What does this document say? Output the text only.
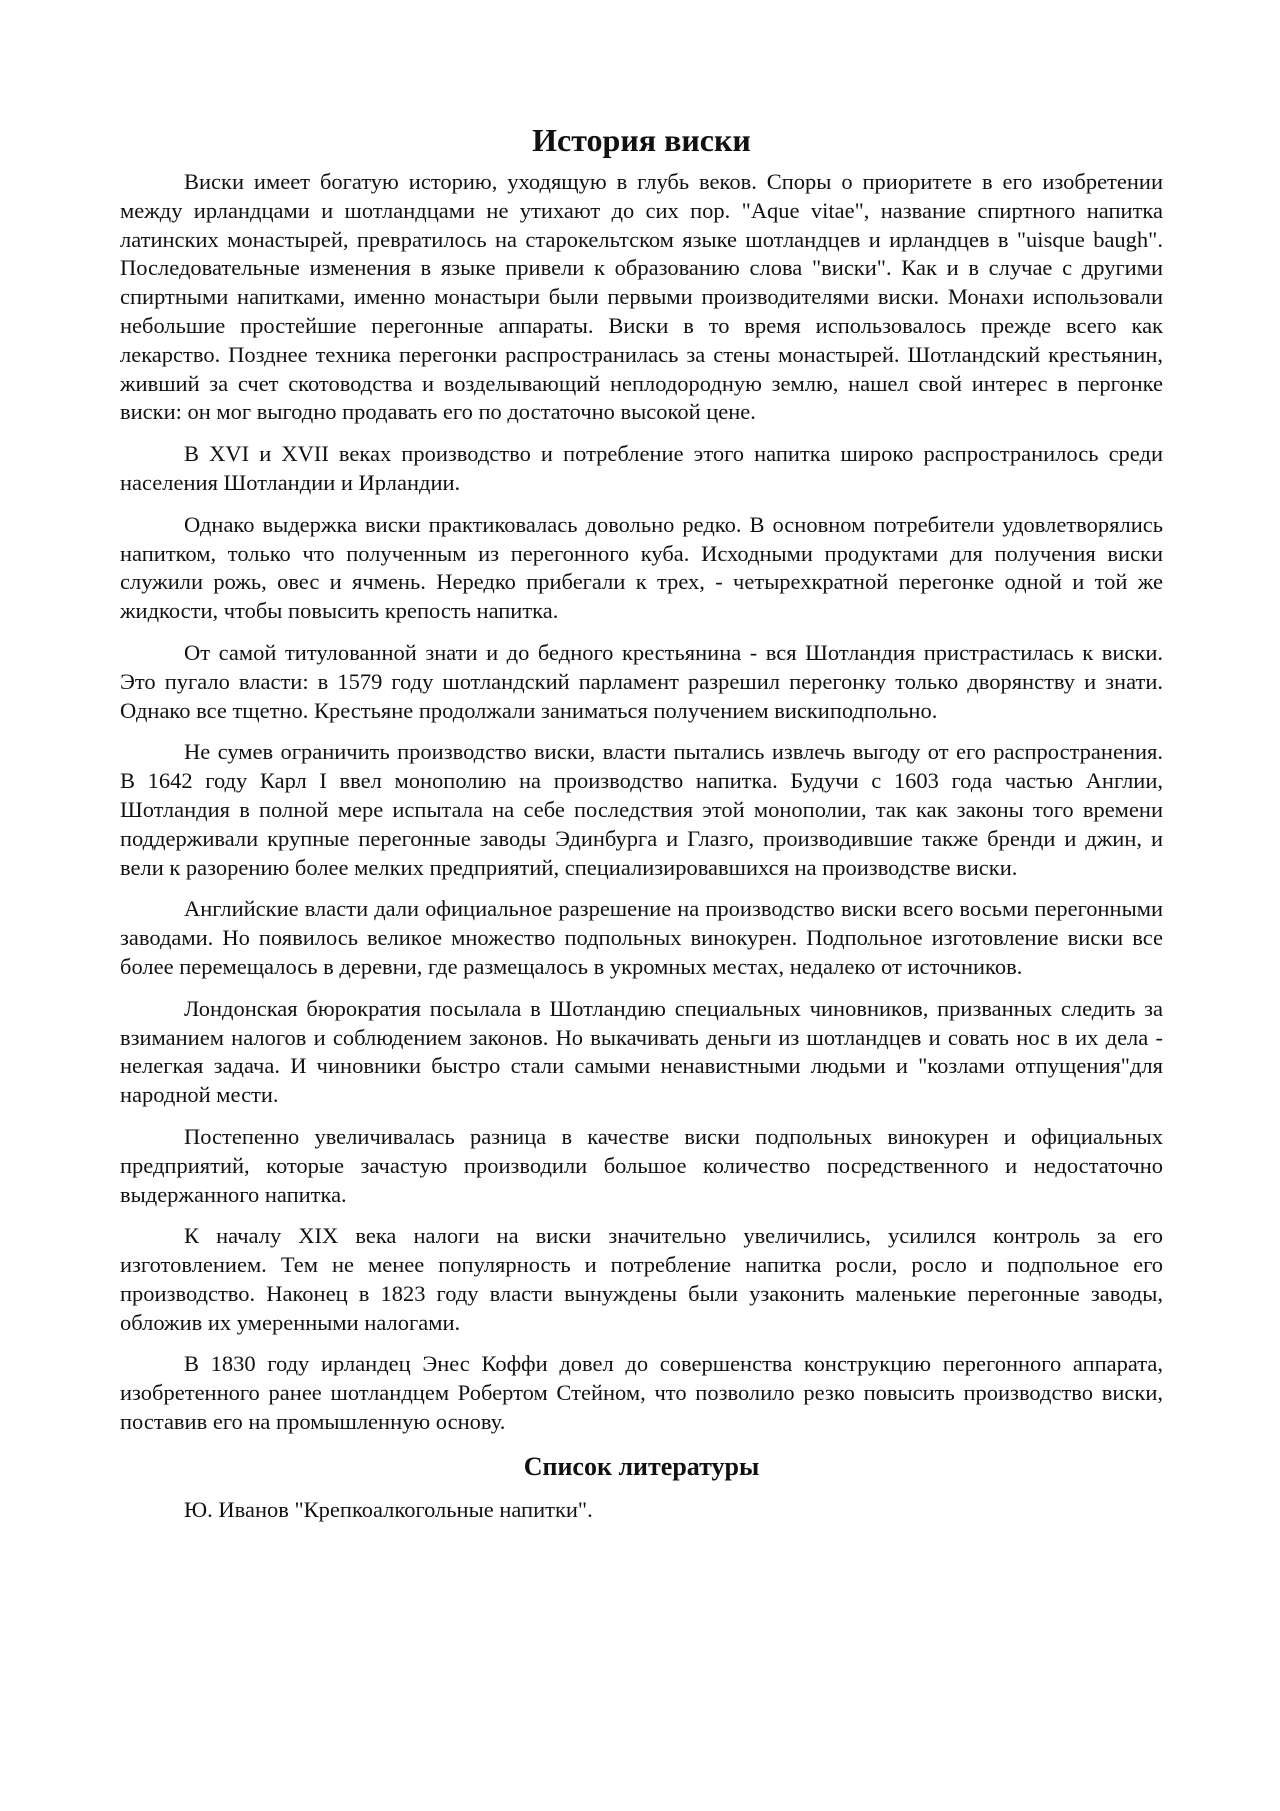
История виски

Виски имеет богатую историю, уходящую в глубь веков. Споры о приоритете в его изобретении между ирландцами и шотландцами не утихают до сих пор. "Aque vitae", название спиртного напитка латинских монастырей, превратилось на старокельтском языке шотландцев и ирландцев в "uisque baugh". Последовательные изменения в языке привели к образованию слова "виски". Как и в случае с другими спиртными напитками, именно монастыри были первыми производителями виски. Монахи использовали небольшие простейшие перегонные аппараты. Виски в то время использовалось прежде всего как лекарство. Позднее техника перегонки распространилась за стены монастырей. Шотландский крестьянин, живший за счет скотоводства и возделывающий неплодородную землю, нашел свой интерес в пергонке виски: он мог выгодно продавать его по достаточно высокой цене.

В XVI и XVII веках производство и потребление этого напитка широко распространилось среди населения Шотландии и Ирландии.

Однако выдержка виски практиковалась довольно редко. В основном потребители удовлетворялись напитком, только что полученным из перегонного куба. Исходными продуктами для получения виски служили рожь, овес и ячмень. Нередко прибегали к трех, - четырехкратной перегонке одной и той же жидкости, чтобы повысить крепость напитка.

От самой титулованной знати и до бедного крестьянина - вся Шотландия пристрастилась к виски. Это пугало власти: в 1579 году шотландский парламент разрешил перегонку только дворянству и знати. Однако все тщетно. Крестьяне продолжали заниматься получением вискиподпольно.

Не сумев ограничить производство виски, власти пытались извлечь выгоду от его распространения. В 1642 году Карл I ввел монополию на производство напитка. Будучи с 1603 года частью Англии, Шотландия в полной мере испытала на себе последствия этой монополии, так как законы того времени поддерживали крупные перегонные заводы Эдинбурга и Глазго, производившие также бренди и джин, и вели к разорению более мелких предприятий, специализировавшихся на производстве виски.

Английские власти дали официальное разрешение на производство виски всего восьми перегонными заводами. Но появилось великое множество подпольных винокурен. Подпольное изготовление виски все более перемещалось в деревни, где размещалось в укромных местах, недалеко от источников.

Лондонская бюрократия посылала в Шотландию специальных чиновников, призванных следить за взиманием налогов и соблюдением законов. Но выкачивать деньги из шотландцев и совать нос в их дела - нелегкая задача. И чиновники быстро стали самыми ненавистными людьми и "козлами отпущения"для народной мести.

Постепенно увеличивалась разница в качестве виски подпольных винокурен и официальных предприятий, которые зачастую производили большое количество посредственного и недостаточно выдержанного напитка.

К началу XIX века налоги на виски значительно увеличились, усилился контроль за его изготовлением. Тем не менее популярность и потребление напитка росли, росло и подпольное его производство. Наконец в 1823 году власти вынуждены были узаконить маленькие перегонные заводы, обложив их умеренными налогами.

В 1830 году ирландец Энес Коффи довел до совершенства конструкцию перегонного аппарата, изобретенного ранее шотландцем Робертом Стейном, что позволило резко повысить производство виски, поставив его на промышленную основу.

Список литературы

Ю. Иванов "Крепкоалкогольные напитки".
